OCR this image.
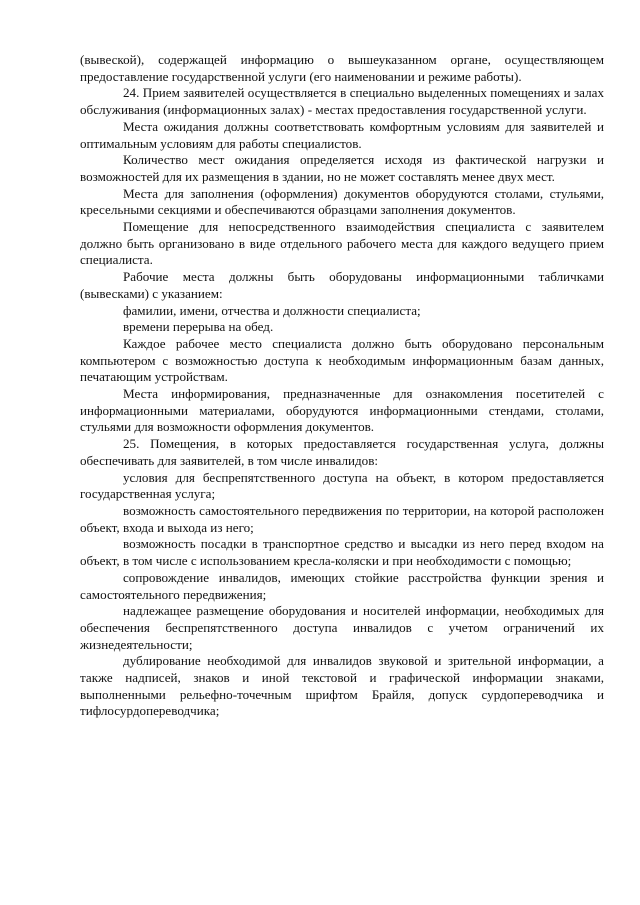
(вывеской), содержащей информацию о вышеуказанном органе, осуществляющем предоставление государственной услуги (его наименовании и режиме работы).

24. Прием заявителей осуществляется в специально выделенных помещениях и залах обслуживания (информационных залах) - местах предоставления государственной услуги.

Места ожидания должны соответствовать комфортным условиям для заявителей и оптимальным условиям для работы специалистов.

Количество мест ожидания определяется исходя из фактической нагрузки и возможностей для их размещения в здании, но не может составлять менее двух мест.

Места для заполнения (оформления) документов оборудуются столами, стульями, кресельными секциями и обеспечиваются образцами заполнения документов.

Помещение для непосредственного взаимодействия специалиста с заявителем должно быть организовано в виде отдельного рабочего места для каждого ведущего прием специалиста.

Рабочие места должны быть оборудованы информационными табличками (вывесками) с указанием:

фамилии, имени, отчества и должности специалиста;

времени перерыва на обед.

Каждое рабочее место специалиста должно быть оборудовано персональным компьютером с возможностью доступа к необходимым информационным базам данных, печатающим устройствам.

Места информирования, предназначенные для ознакомления посетителей с информационными материалами, оборудуются информационными стендами, столами, стульями для возможности оформления документов.

25. Помещения, в которых предоставляется государственная услуга, должны обеспечивать для заявителей, в том числе инвалидов:

условия для беспрепятственного доступа на объект, в котором предоставляется государственная услуга;

возможность самостоятельного передвижения по территории, на которой расположен объект, входа и выхода из него;

возможность посадки в транспортное средство и высадки из него перед входом на объект, в том числе с использованием кресла-коляски и при необходимости с помощью;

сопровождение инвалидов, имеющих стойкие расстройства функции зрения и самостоятельного передвижения;

надлежащее размещение оборудования и носителей информации, необходимых для обеспечения беспрепятственного доступа инвалидов с учетом ограничений их жизнедеятельности;

дублирование необходимой для инвалидов звуковой и зрительной информации, а также надписей, знаков и иной текстовой и графической информации знаками, выполненными рельефно-точечным шрифтом Брайля, допуск сурдопереводчика и тифлосурдопереводчика;
